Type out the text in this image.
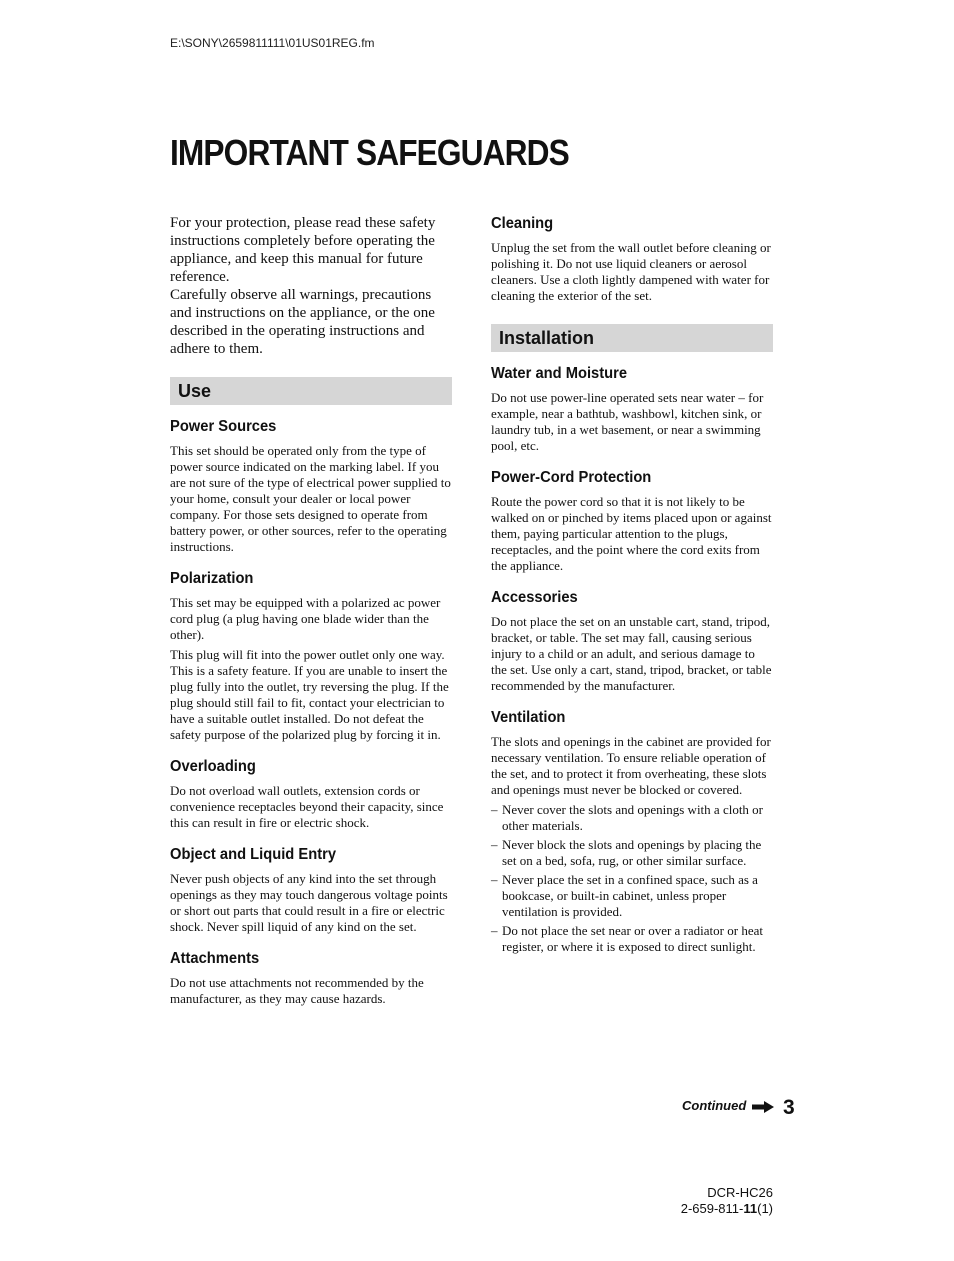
E:\SONY\2659811111\01US01REG.fm
IMPORTANT SAFEGUARDS

For your protection, please read these safety instructions completely before operating the appliance, and keep this manual for future reference.

Carefully observe all warnings, precautions and instructions on the appliance, or the one described in the operating instructions and adhere to them.

Use
Power Sources

This set should be operated only from the type of power source indicated on the marking label. If you are not sure of the type of electrical power supplied to your home, consult your dealer or local power company. For those sets designed to operate from battery power, or other sources, refer to the operating instructions.

Polarization

This set may be equipped with a polarized ac power cord plug (a plug having one blade wider than the other).

This plug will fit into the power outlet only one way. This is a safety feature. If you are unable to insert the plug fully into the outlet, try reversing the plug. If the plug should still fail to fit, contact your electrician to have a suitable outlet installed. Do not defeat the safety purpose of the polarized plug by forcing it in.

Overloading

Do not overload wall outlets, extension cords or convenience receptacles beyond their capacity, since this can result in fire or electric shock.

Object and Liquid Entry

Never push objects of any kind into the set through openings as they may touch dangerous voltage points or short out parts that could result in a fire or electric shock. Never spill liquid of any kind on the set.

Attachments

Do not use attachments not recommended by the manufacturer, as they may cause hazards.

Cleaning

Unplug the set from the wall outlet before cleaning or polishing it. Do not use liquid cleaners or aerosol cleaners. Use a cloth lightly dampened with water for cleaning the exterior of the set.

Installation
Water and Moisture

Do not use power-line operated sets near water – for example, near a bathtub, washbowl, kitchen sink, or laundry tub, in a wet basement, or near a swimming pool, etc.

Power-Cord Protection

Route the power cord so that it is not likely to be walked on or pinched by items placed upon or against them, paying particular attention to the plugs, receptacles, and the point where the cord exits from the appliance.

Accessories

Do not place the set on an unstable cart, stand, tripod, bracket, or table. The set may fall, causing serious injury to a child or an adult, and serious damage to the set. Use only a cart, stand, tripod, bracket, or table recommended by the manufacturer.

Ventilation

The slots and openings in the cabinet are provided for necessary ventilation. To ensure reliable operation of the set, and to protect it from overheating, these slots and openings must never be blocked or covered.

– Never cover the slots and openings with a cloth or other materials.
– Never block the slots and openings by placing the set on a bed, sofa, rug, or other similar surface.
– Never place the set in a confined space, such as a bookcase, or built-in cabinet, unless proper ventilation is provided.
– Do not place the set near or over a radiator or heat register, or where it is exposed to direct sunlight.
Continued	3
DCR-HC26
2-659-811-11(1)
